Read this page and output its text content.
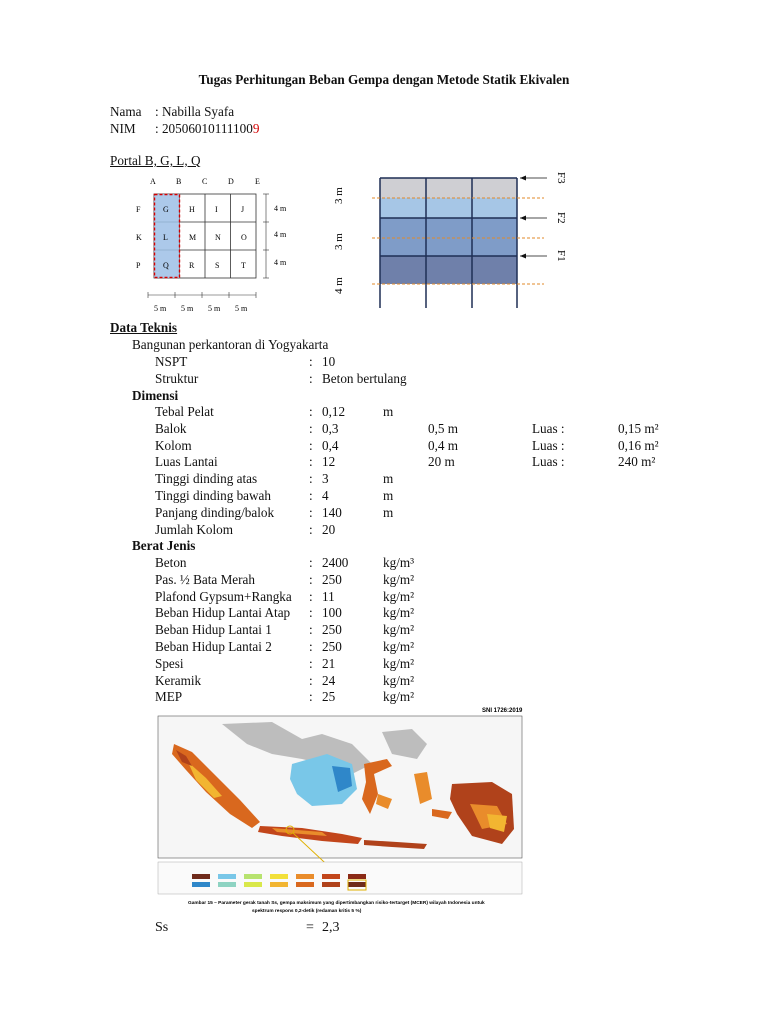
Tugas Perhitungan Beban Gempa dengan Metode Statik Ekivalen
Nama : Nabilla Syafa
NIM : 205060101111009
Portal B, G, L, Q
A	B	C	D	E
F
K
P
G	H	I	J
L	M N	O
Q	R	S	T
4 m
4 m
4 m
5 m 5 m 5 m 5 m
F3
F2
F1
3 m
3 m
4 m
Data Teknis
Bangunan perkantoran di Yogyakarta
NSPT	: 10
Struktur	: Beton bertulang
Dimensi
Tebal Pelat	: 0,12	m
Balok	: 0,3	0,5 m	Luas :	0,15 m²
Kolom	: 0,4	0,4 m	Luas :	0,16 m²
Luas Lantai	: 12	20 m	Luas :	240 m²
Tinggi dinding atas	: 3	m
Tinggi dinding bawah	: 4	m
Panjang dinding/balok	: 140	m
Jumlah Kolom	: 20
Berat Jenis
Beton	: 2400	kg/m³
Pas. ½ Bata Merah	: 250	kg/m²
Plafond Gypsum+Rangka : 11	kg/m²
Beban Hidup Lantai Atap : 100	kg/m²
Beban Hidup Lantai 1	: 250	kg/m²
Beban Hidup Lantai 2	: 250	kg/m²
Spesi	: 21	kg/m²
Keramik	: 24	kg/m²
MEP	: 25	kg/m²
SNI 1726:2019
Gambar 15 – Parameter gerak tanah Ss, gempa maksimum yang dipertimbangkan risiko-tertarget (MCER) wilayah Indonesia untuk
spektrum respons 0,2-detik (redaman kritis 5 %)
Ss	= 2,3
